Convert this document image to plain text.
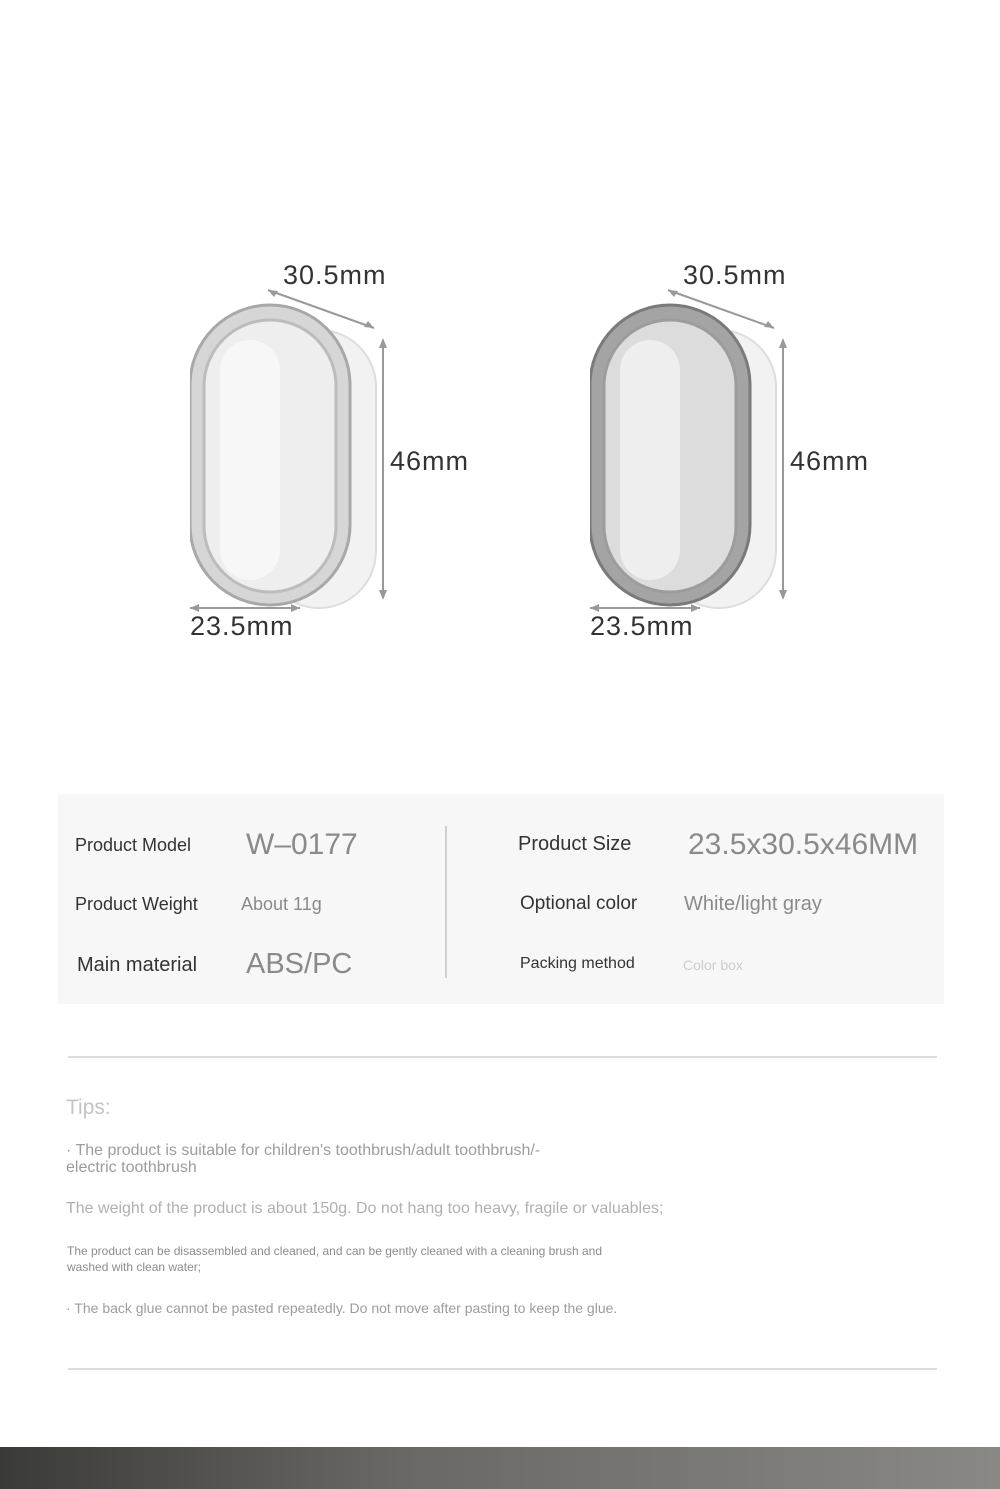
30.5mm
46mm
23.5mm
30.5mm
46mm
23.5mm
Product Model W–0177
Product Weight About 11g
Main material ABS/PC
Product Size 23.5x30.5x46MM
Optional color White/light gray
Packing method	Color box
Tips:
· The product is suitable for children's toothbrush/adult toothbrush/-
electric toothbrush
The weight of the product is about 150g. Do not hang too heavy, fragile or valuables;
The product can be disassembled and cleaned, and can be gently cleaned with a cleaning brush and
washed with clean water;
· The back glue cannot be pasted repeatedly. Do not move after pasting to keep the glue.
